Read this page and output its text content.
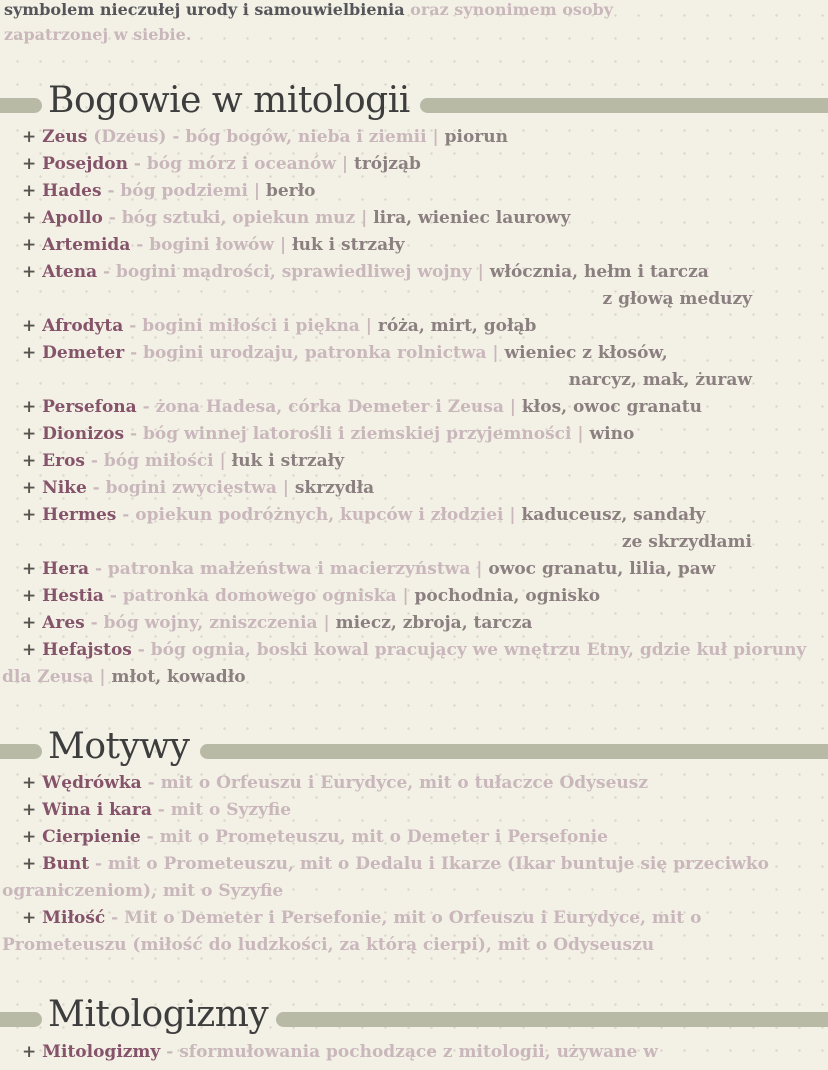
symbolem nieczułej urody i samouwielbienia oraz synonimem osoby
zapatrzonej w siebie.
Bogowie w mitologii
+ Zeus (Dzeus) - bóg bogów, nieba i ziemii | piorun
+ Posejdon - bóg mórz i oceanów | trójząb
+ Hades - bóg podziemi | berło
+ Apollo - bóg sztuki, opiekun muz | lira, wieniec laurowy
+ Artemida - bogini łowów | łuk i strzały
+ Atena - bogini mądrości, sprawiedliwej wojny | włócznia, hełm i tarcza
z głową meduzy
+ Afrodyta - bogini miłości i piękna | róża, mirt, gołąb
+ Demeter - bogini urodzaju, patronka rolnictwa | wieniec z kłosów,
narcyz, mak, żuraw
+ Persefona - żona Hadesa, córka Demeter i Zeusa | kłos, owoc granatu
+ Dionizos - bóg winnej latorośli i ziemskiej przyjemności | wino
+ Eros - bóg miłości | łuk i strzały
+ Nike - bogini zwycięstwa | skrzydła
+ Hermes - opiekun podróżnych, kupców i złodziei | kaduceusz, sandały
ze skrzydłami
+ Hera - patronka małżeństwa i macierzyństwa | owoc granatu, lilia, paw
+ Hestia - patronka domowego ogniska | pochodnia, ognisko
+ Ares - bóg wojny, zniszczenia | miecz, zbroja, tarcza
+ Hefajstos - bóg ognia, boski kowal pracujący we wnętrzu Etny, gdzie kuł pioruny dla Zeusa | młot, kowadło
Motywy
+ Wędrówka - mit o Orfeuszu i Eurydyce, mit o tułaczce Odyseusz
+ Wina i kara - mit o Syzyfie
+ Cierpienie - mit o Prometeuszu, mit o Demeter i Persefonie
+ Bunt - mit o Prometeuszu, mit o Dedalu i Ikarze (Ikar buntuje się przeciwko ograniczeniom), mit o Syzyfie
+ Miłość - Mit o Demeter i Persefonie, mit o Orfeuszu i Eurydyce, mit o Prometeuszu (miłość do ludzkości, za którą cierpi), mit o Odyseuszu
Mitologizmy
+ Mitologizmy - sformułowania pochodzące z mitologii, używane w
